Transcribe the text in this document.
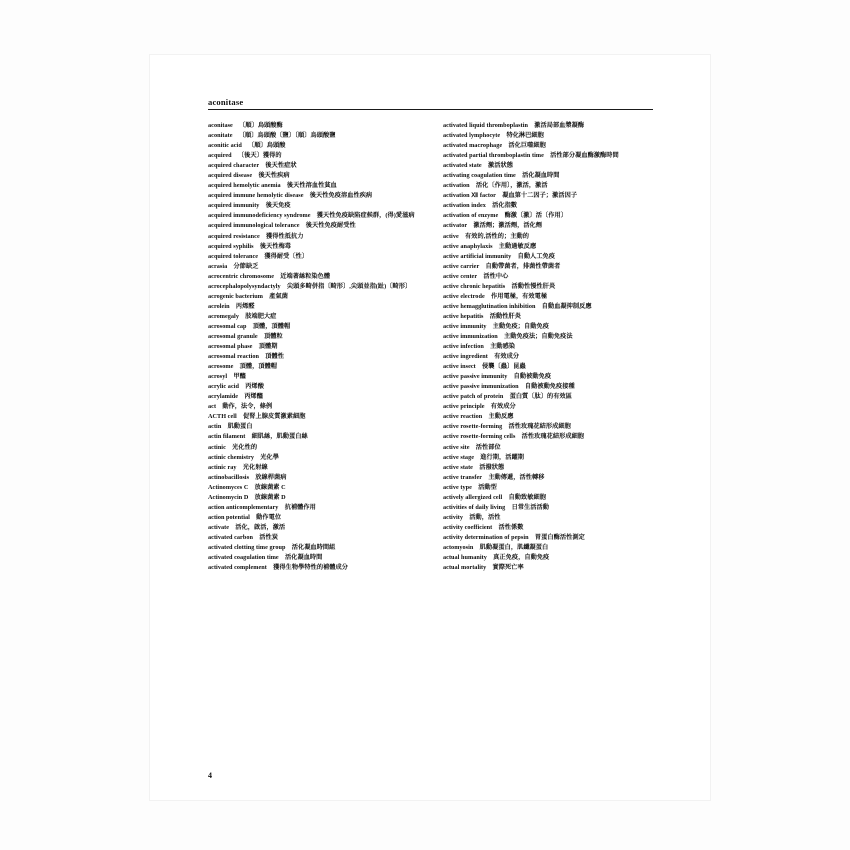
aconitase

aconitase  〔順〕烏頭酸酶

aconitate  〔順〕烏頭酸〔鹽〕〔順〕烏頭酸鹽

aconitic acid  〔順〕烏頭酸

acquired  〔後天〕獲得的

acquired character  後天性症狀

acquired disease  後天性疾病

acquired hemolytic anemia  後天性溶血性貧血

acquired immune hemolytic disease  後天性免疫溶血性疾病

acquired immunity  後天免疫

acquired immunodeficiency syndrome  獲天性免疫缺陷症候群，(得)愛滋病

acquired immunological tolerance  後天性免疫耐受性

acquired resistance  獲得性抵抗力

acquired syphilis  後天性梅毒

acquired tolerance  獲得耐受〔性〕

acrasia  分節缺乏

acrocentric chromosome  近端著絲粒染色體

acrocephalopolysyndactyly  尖頭多畸併指〔畸形〕,尖頭並指(趾)〔畸形〕

acrogenic bacterium  產氣菌

acrolein  丙烯醛

acromegaly  肢端肥大症

acrosomal cap  頂體，頂體帽

acrosomal granule  頂體粒

acrosomal phase  頂體期

acrosomal reaction  頂體性

acrosome  頂體，頂體帽

acrosyl  甲醯

acrylic acid  丙烯酸

acrylamide  丙烯醯

act  動作，法令，條例

ACTH cell  促腎上腺皮質激素細胞

actin  肌動蛋白

actin filament  細肌絲，肌動蛋白絲

actinic  光化性的

actinic chemistry  光化學

actinic ray  光化射線

actinobacillosis  放線桿菌病

Actinomyces C  放線菌素 C

Actinomycin D  放線菌素 D

action anticomplementary  抗補體作用

action potential  動作電位

activate  活化，啟活，激活

activated carbon  活性炭

activated clotting time group  活化凝血時間組

activated coagulation time  活化凝血時間

activated complement  獲得生物學特性的補體成分

activated liquid thromboplastin  激活局部血漿凝酶

activated lymphocyte  特化淋巴細胞

activated macrophage  活化巨噬細胞

activated partial thromboplastin time  活性部分凝血酶激酶時間

activated state  激活狀態

activating coagulation time  活化凝血時間

activation  活化〔作用〕，激活，激活

activation Ⅻ factor  凝血第十二因子；激活因子

activation index  活化指數

activation of enzyme  酶激〔激〕活〔作用〕

activator  激活劑；激活劑，活化劑

active  有效的,活性的；主動的

active anaphylaxis  主動過敏反應

active artificial immunity  自動人工免疫

active carrier  自動帶菌者，排菌性帶菌者

active center  活性中心

active chronic hepatitis  活動性慢性肝炎

active electrode  作用電極，有效電極

active hemagglutination inhibition  自動血凝抑制反應

active hepatitis  活動性肝炎

active immunity  主動免疫；自動免疫

active immunization  主動免疫法；自動免疫法

active infection  主動感染

active ingredient  有效成分

active insect  侵襲〔蟲〕昆蟲

active passive immunity  自動被動免疫

active passive immunization  自動被動免疫接種

active patch of protein  蛋白質〔肽〕的有效區

active principle  有效成分

active reaction  主動反應

active rosette-forming  活性玫瑰花結形成細胞

active rosette-forming cells  活性玫瑰花結形成細胞

active site  活性部位

active stage  進行期，活躍期

active state  活潑狀態

active transfer  主動傳遞，活性轉移

active type  活動型

actively allergized cell  自動致敏細胞

activities of daily living  日常生活活動

activity  活動，活性

activity coefficient  活性係數

activity determination of pepsin  胃蛋白酶活性測定

actomyosin  肌動凝蛋白，肌纖凝蛋白

actual humanity  真正免疫，自動免疫

actual mortality  實際死亡率

4
